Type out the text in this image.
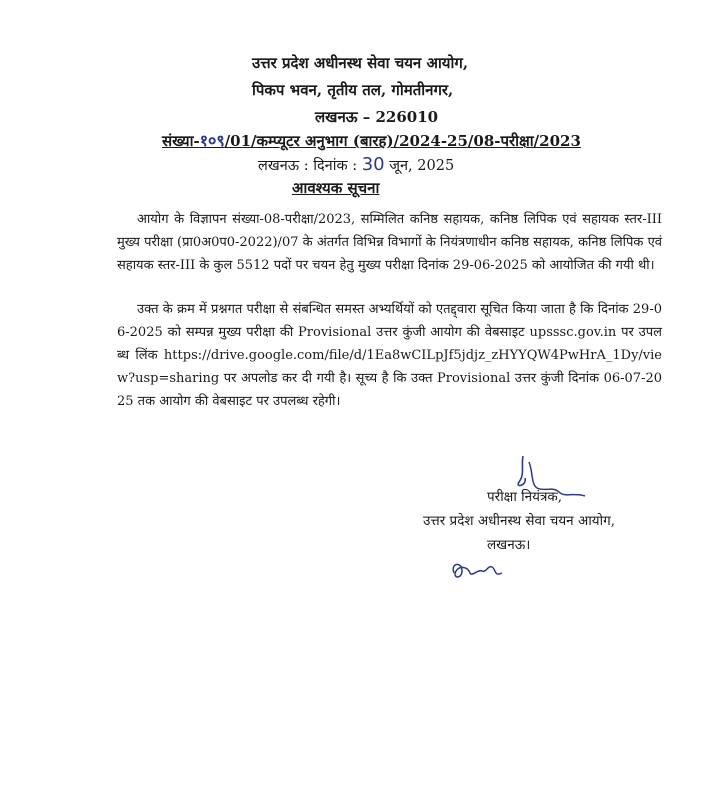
उत्तर प्रदेश अधीनस्थ सेवा चयन आयोग,
पिकप भवन, तृतीय तल, गोमतीनगर,
लखनऊ – 226010
संख्या-१०९/01/कम्प्यूटर अनुभाग (बारह)/2024-25/08-परीक्षा/2023
लखनऊ : दिनांक : 30 जून, 2025
आवश्यक सूचना
आयोग के विज्ञापन संख्या-08-परीक्षा/2023, सम्मिलित कनिष्ठ सहायक, कनिष्ठ लिपिक एवं सहायक स्तर-III मुख्य परीक्षा (प्रा0अ0प0-2022)/07 के अंतर्गत विभिन्न विभागों के नियंत्रणाधीन कनिष्ठ सहायक, कनिष्ठ लिपिक एवं सहायक स्तर-III के कुल 5512 पदों पर चयन हेतु मुख्य परीक्षा दिनांक 29-06-2025 को आयोजित की गयी थी।
उक्त के क्रम में प्रश्नगत परीक्षा से संबन्धित समस्त अभ्यर्थियों को एतद्द्वारा सूचित किया जाता है कि दिनांक 29-06-2025 को सम्पन्न मुख्य परीक्षा की Provisional उत्तर कुंजी आयोग की वेबसाइट upsssc.gov.in पर उपलब्ध लिंक https://drive.google.com/file/d/1Ea8wCILpJf5jdjz_zHYYQW4PwHrA_1Dy/view?usp=sharing पर अपलोड कर दी गयी है। सूच्य है कि उक्त Provisional उत्तर कुंजी दिनांक 06-07-2025 तक आयोग की वेबसाइट पर उपलब्ध रहेगी।
परीक्षा नियंत्रक,
उत्तर प्रदेश अधीनस्थ सेवा चयन आयोग,
लखनऊ।
